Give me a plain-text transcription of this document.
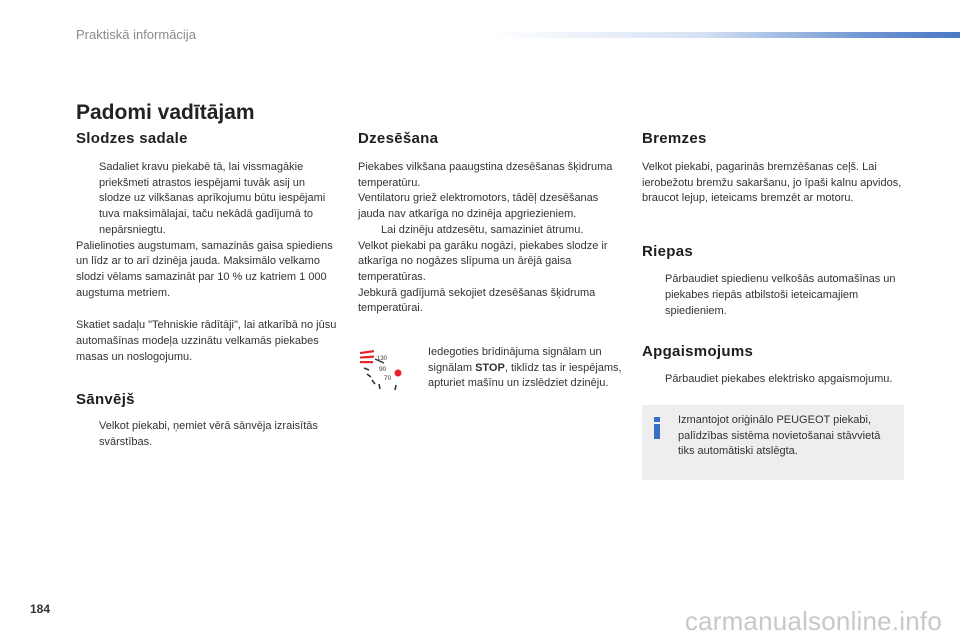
Praktiskā informācija
Padomi vadītājam
Slodzes sadale
Sadaliet kravu piekabē tā, lai vissmagākie priekšmeti atrastos iespējami tuvāk asij un slodze uz vilkšanas aprīkojumu būtu iespējami tuva maksimālajai, taču nekādā gadījumā to nepārsniegtu.

Palielinoties augstumam, samazinās gaisa spiediens un līdz ar to arī dzinēja jauda. Maksimālo velkamo slodzi vēlams samazināt par 10 % uz katriem 1 000 augstuma metriem.

Skatiet sadaļu "Tehniskie rādītāji", lai atkarībā no jūsu automašīnas modeļa uzzinātu velkamās piekabes masas un noslogojumu.

Sānvējš
Velkot piekabi, ņemiet vērā sānvēja izraisītās svārstības.
Dzesēšana

Piekabes vilkšana paaugstina dzesēšanas šķidruma temperatūru.

Ventilatoru griež elektromotors, tādēļ dzesēšanas jauda nav atkarīga no dzinēja apgriezieniem.

Lai dzinēju atdzesētu, samaziniet ātrumu.

Velkot piekabi pa garāku nogāzi, piekabes slodze ir atkarīga no nogāzes slīpuma un ārējā gaisa temperatūras.

Jebkurā gadījumā sekojiet dzesēšanas šķidruma temperatūrai.

130
90
70
Iedegoties brīdinājuma signālam un signālam STOP, tiklīdz tas ir iespējams, apturiet mašīnu un izslēdziet dzinēju.
Bremzes

Velkot piekabi, pagarinās bremzēšanas ceļš. Lai ierobežotu bremžu sakaršanu, jo īpaši kalnu apvidos, braucot lejup, ieteicams bremzēt ar motoru.

Riepas
Pārbaudiet spiedienu velkošās automašīnas un piekabes riepās atbilstoši ieteicamajiem spiedieniem.
Apgaismojums
Pārbaudiet piekabes elektrisko apgaismojumu.

Izmantojot oriģinālo PEUGEOT piekabi, palīdzības sistēma novietošanai stāvvietā tiks automātiski atslēgta.

184	carmanualsonline.info
